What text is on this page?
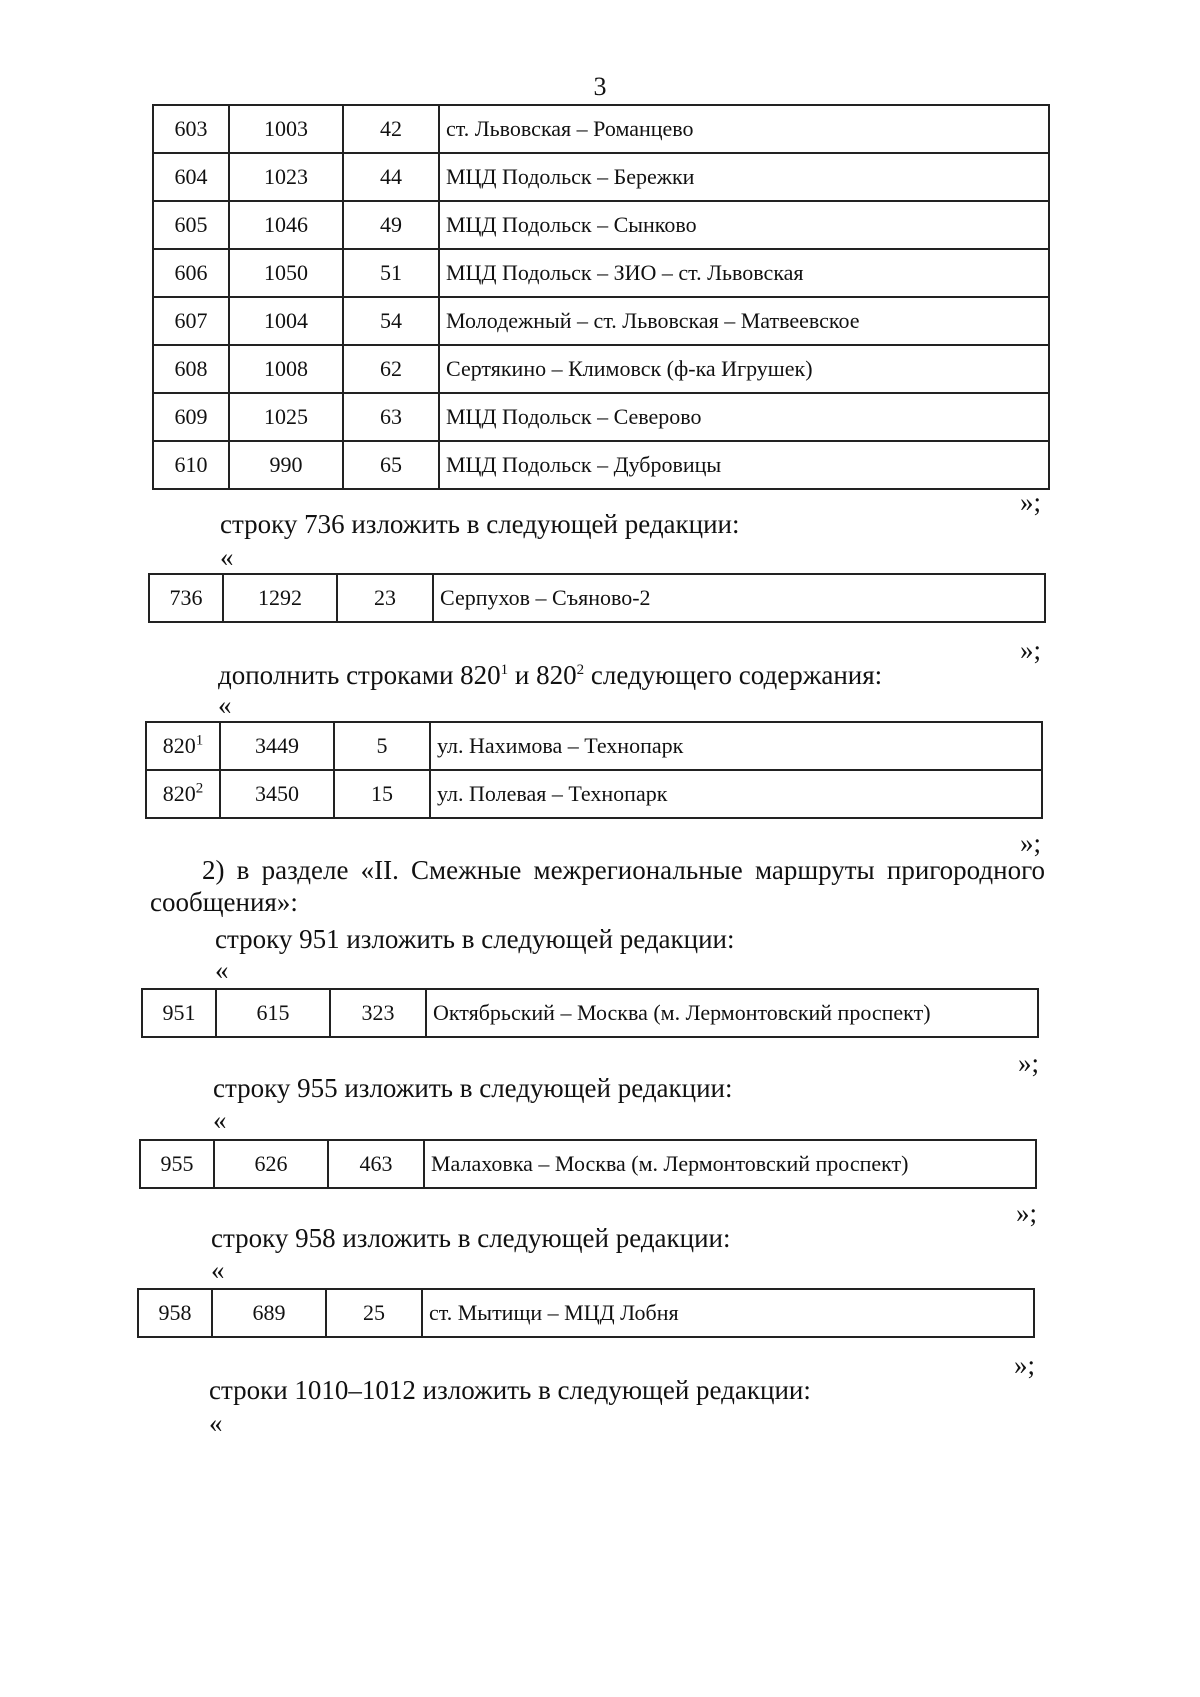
3
603	1003	42	ст. Львовская – Романцево
604	1023	44	МЦД Подольск – Бережки
605	1046	49	МЦД Подольск – Сынково
606	1050	51	МЦД Подольск – ЗИО – ст. Львовская
607	1004	54	Молодежный – ст. Львовская – Матвеевское
608	1008	62	Сертякино – Климовск (ф-ка Игрушек)
609	1025	63	МЦД Подольск – Северово
610	990	65	МЦД Подольск – Дубровицы
»;
строку 736 изложить в следующей редакции:
«
736	1292	23	Серпухов – Съяново-2
»;
дополнить строками $820^1$ и $820^2$ следующего содержания:
«
$820^1$	3449	5	ул. Нахимова – Технопарк
$820^2$	3450	15	ул. Полевая – Технопарк
»;
2) в разделе «II. Смежные межрегиональные маршруты пригородного сообщения»:
строку 951 изложить в следующей редакции:
«
951	615	323	Октябрьский – Москва (м. Лермонтовский проспект)
»;
строку 955 изложить в следующей редакции:
«
955	626	463	Малаховка – Москва (м. Лермонтовский проспект)
»;
строку 958 изложить в следующей редакции:
«
958	689	25	ст. Мытищи – МЦД Лобня
»;
строки 1010–1012 изложить в следующей редакции:
«
